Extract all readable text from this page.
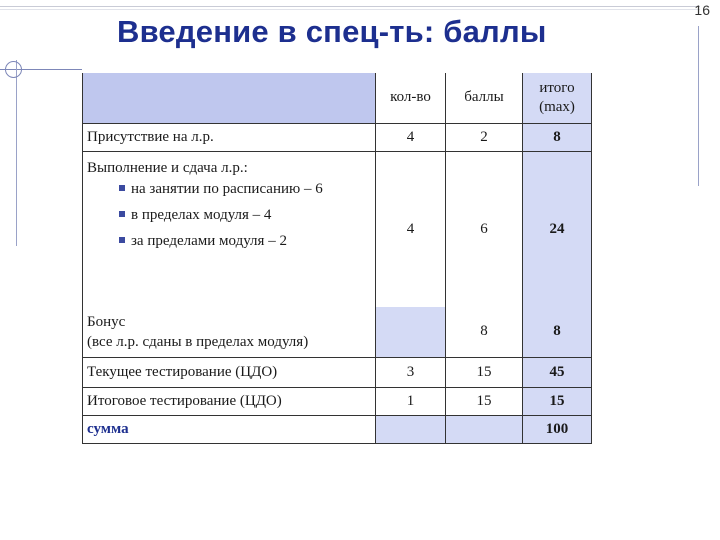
16
Введение в спец-ть: баллы
	кол-во	баллы	итого (max)
Присутствие на л.р.	4	2	8

Выполнение и сдача л.р.:
на занятии по расписанию – 6
в пределах модуля – 4
за пределами модуля – 2	4	6	24

Бонус
(все л.р. сданы в пределах модуля)		8	8
Текущее тестирование (ЦДО)	3	15	45
Итоговое тестирование (ЦДО)	1	15	15
сумма			100
